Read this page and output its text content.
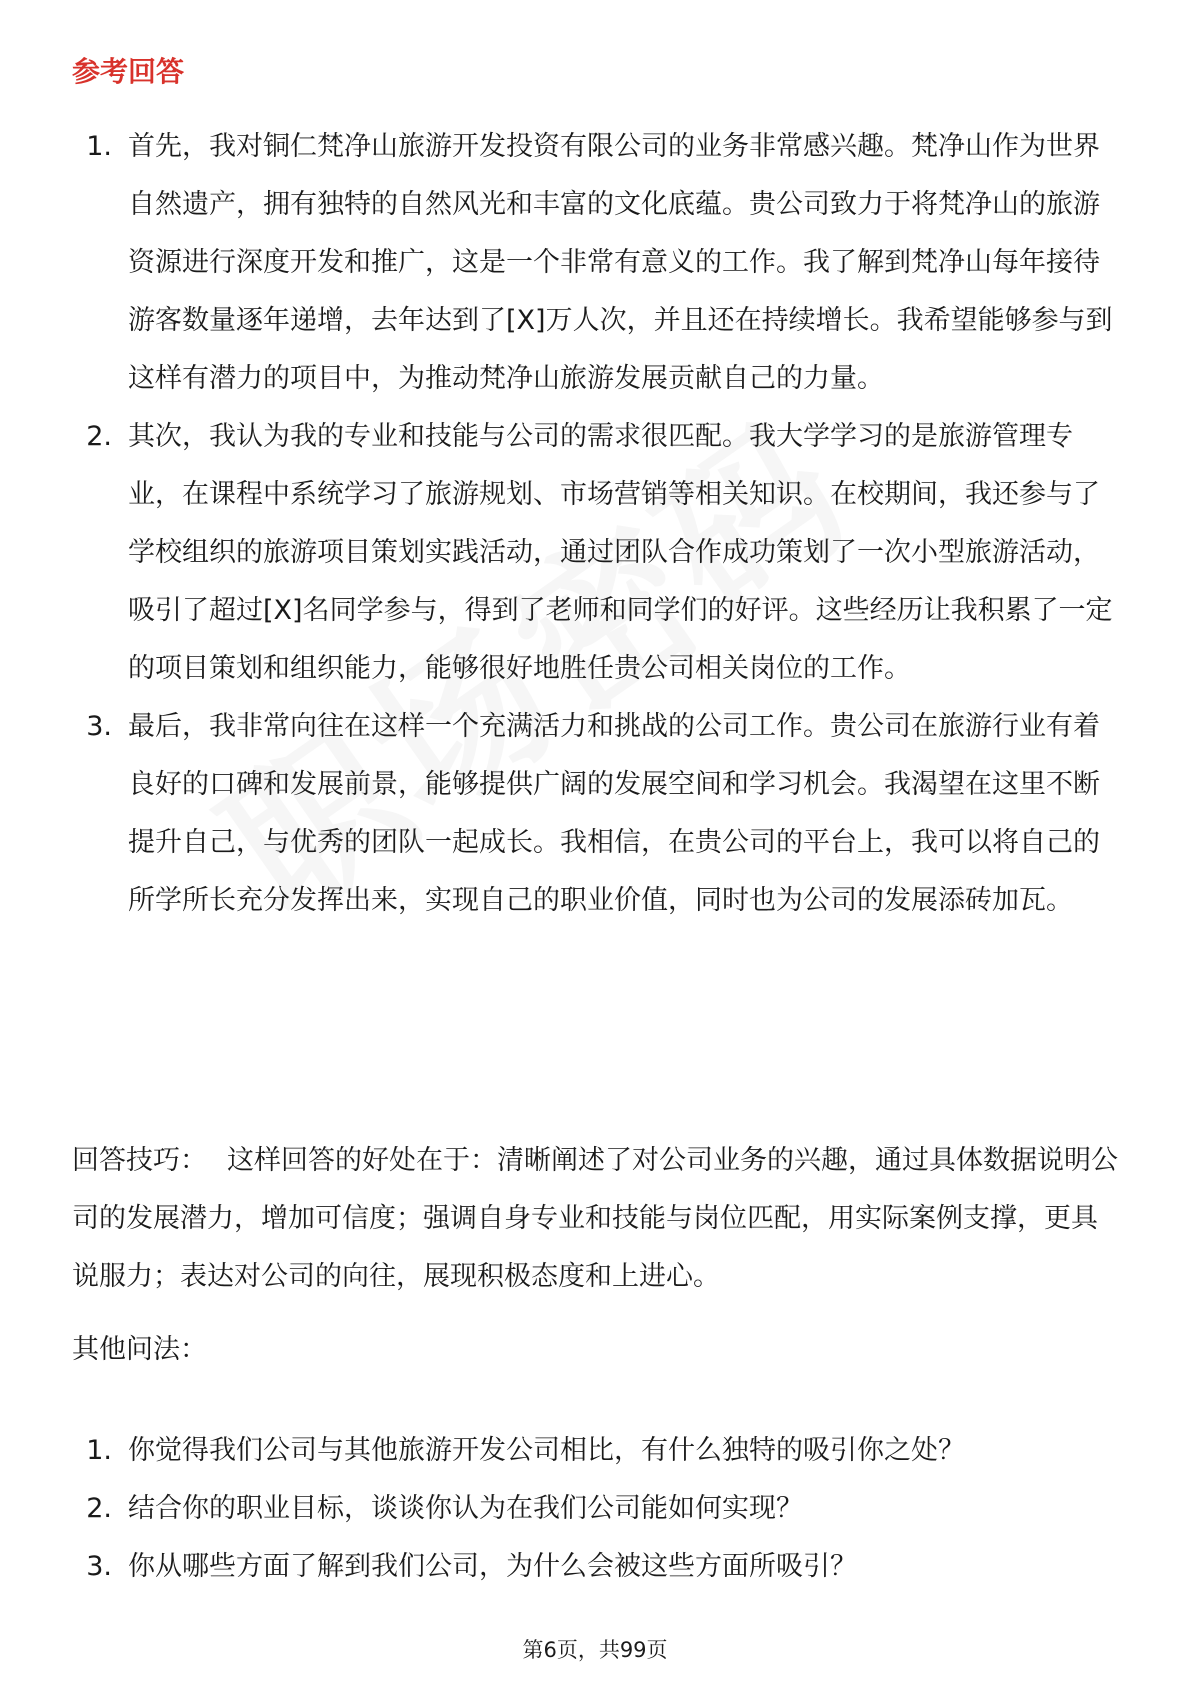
参考回答
1. 首先，我对铜仁梵净山旅游开发投资有限公司的业务非常感兴趣。梵净山作为世界自然遗产，拥有独特的自然风光和丰富的文化底蕴。贵公司致力于将梵净山的旅游资源进行深度开发和推广，这是一个非常有意义的工作。我了解到梵净山每年接待游客数量逐年递增，去年达到了[X]万人次，并且还在持续增长。我希望能够参与到这样有潜力的项目中，为推动梵净山旅游发展贡献自己的力量。
2. 其次，我认为我的专业和技能与公司的需求很匹配。我大学学习的是旅游管理专业，在课程中系统学习了旅游规划、市场营销等相关知识。在校期间，我还参与了学校组织的旅游项目策划实践活动，通过团队合作成功策划了一次小型旅游活动，吸引了超过[X]名同学参与，得到了老师和同学们的好评。这些经历让我积累了一定的项目策划和组织能力，能够很好地胜任贵公司相关岗位的工作。
3. 最后，我非常向往在这样一个充满活力和挑战的公司工作。贵公司在旅游行业有着良好的口碑和发展前景，能够提供广阔的发展空间和学习机会。我渴望在这里不断提升自己，与优秀的团队一起成长。我相信，在贵公司的平台上，我可以将自己的所学所长充分发挥出来，实现自己的职业价值，同时也为公司的发展添砖加瓦。
回答技巧： 这样回答的好处在于：清晰阐述了对公司业务的兴趣，通过具体数据说明公司的发展潜力，增加可信度；强调自身专业和技能与岗位匹配，用实际案例支撑，更具说服力；表达对公司的向往，展现积极态度和上进心。
其他问法：
1. 你觉得我们公司与其他旅游开发公司相比，有什么独特的吸引你之处？
2. 结合你的职业目标，谈谈你认为在我们公司能如何实现？
3. 你从哪些方面了解到我们公司，为什么会被这些方面所吸引？
第6页，共99页
